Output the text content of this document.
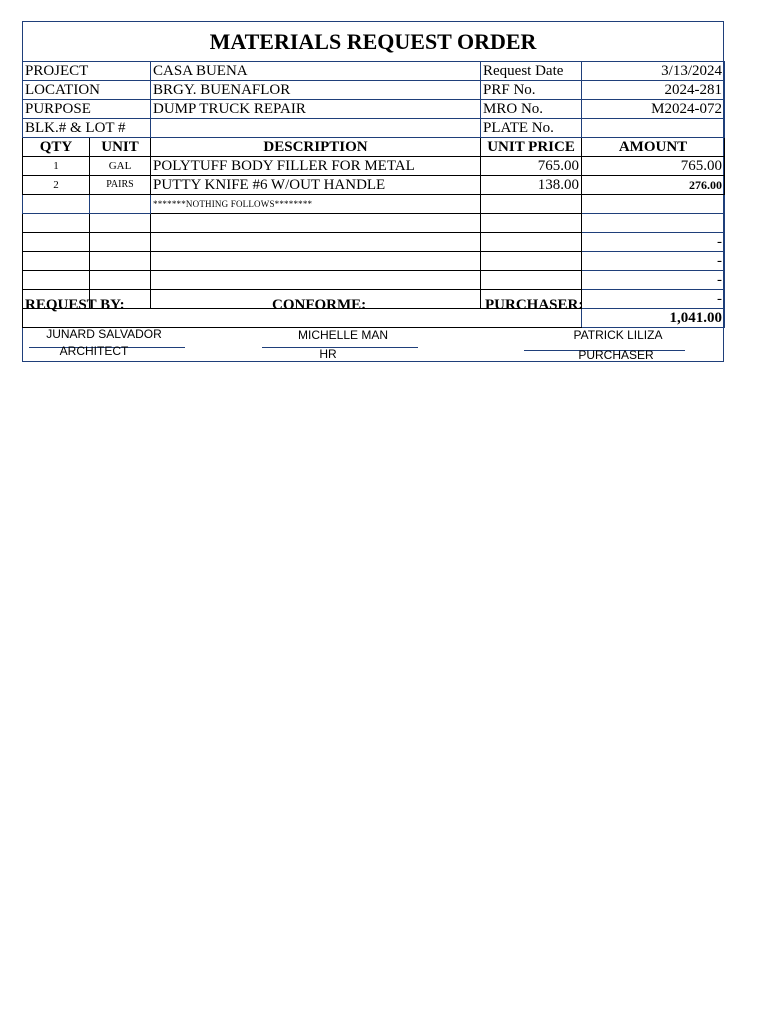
MATERIALS REQUEST ORDER
PROJECT		CASA BUENA	Request Date	3/13/2024
LOCATION		BRGY. BUENAFLOR	PRF No.	2024-281
PURPOSE		DUMP TRUCK REPAIR	MRO No.	M2024-072
BLK.# & LOT #			PLATE No.	
QTY	UNIT	DESCRIPTION	UNIT PRICE	AMOUNT
1	GAL	POLYTUFF BODY FILLER FOR METAL	765.00	765.00
2	PAIRS	PUTTY KNIFE #6 W/OUT HANDLE	138.00	276.00
		*******NOTHING FOLLOWS********		

				-
				-
				-
				-
				1,041.00
REQUEST BY:	CONFORME:	PURCHASER:
JUNARD SALVADOR
ARCHITECT
MICHELLE MAN
HR
PATRICK LILIZA
PURCHASER
